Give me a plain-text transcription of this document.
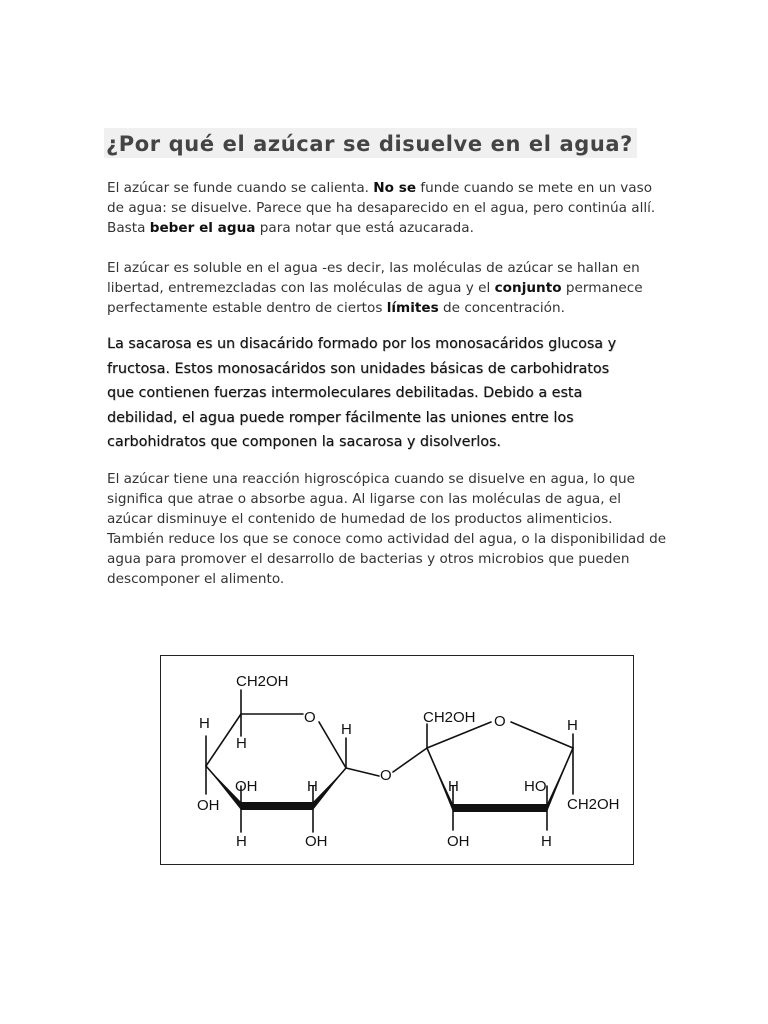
¿Por qué el azúcar se disuelve en el agua?

El azúcar se funde cuando se calienta. No se funde cuando se mete en un vaso de agua: se disuelve. Parece que ha desaparecido en el agua, pero continúa allí. Basta beber el agua para notar que está azucarada.

El azúcar es soluble en el agua -es decir, las moléculas de azúcar se hallan en libertad, entremezcladas con las moléculas de agua y el conjunto permanece perfectamente estable dentro de ciertos límites de concentración.

La sacarosa es un disacárido formado por los monosacáridos glucosa y fructosa. Estos monosacáridos son unidades básicas de carbohidratos que contienen fuerzas intermoleculares debilitadas. Debido a esta debilidad, el agua puede romper fácilmente las uniones entre los carbohidratos que componen la sacarosa y disolverlos.

El azúcar tiene una reacción higroscópica cuando se disuelve en agua, lo que significa que atrae o absorbe agua. Al ligarse con las moléculas de agua, el azúcar disminuye el contenido de humedad de los productos alimenticios. También reduce los que se conoce como actividad del agua, o la disponibilidad de agua para promover el desarrollo de bacterias y otros microbios que pueden descomponer el alimento.

CH2OH
O
H
H
H
OH
OH	H
H	OH
O
CH2OH O	H
H	HO
CH2OH
OH	H
